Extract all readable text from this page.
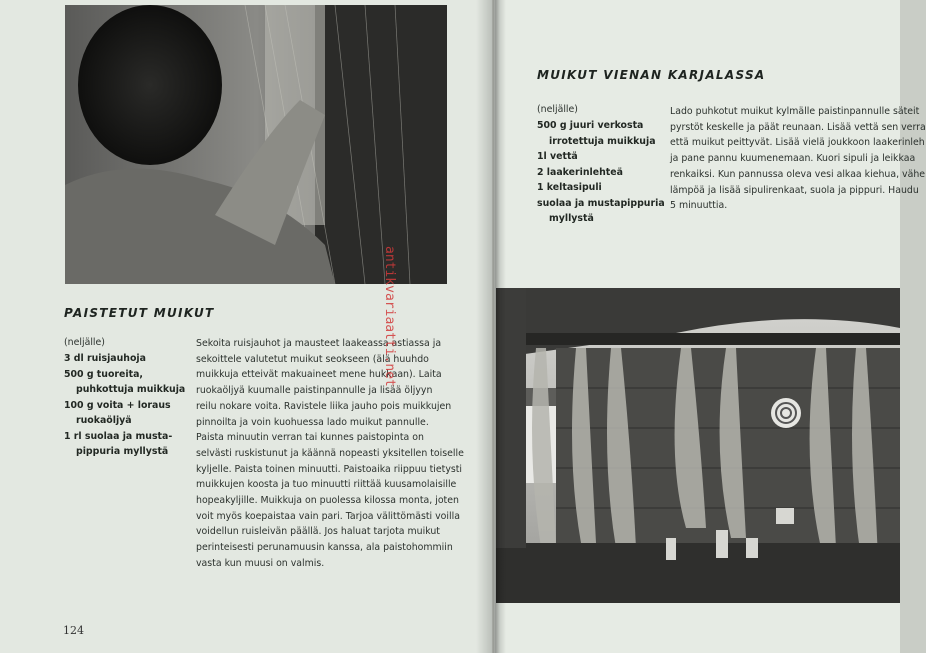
PAISTETUT MUIKUT
(neljälle)
3 dl ruisjauhoja
500 g tuoreita,
puhkottuja muikkuja
100 g voita + loraus
ruokaöljyä
1 rl suolaa ja musta-
pippuria myllystä
Sekoita ruisjauhot ja mausteet laakeassa astiassa ja
sekoittele valutetut muikut seokseen (älä huuhdo
muikkuja etteivät makuaineet mene hukkaan). Laita
ruokaöljyä kuumalle paistinpannulle ja lisää öljyyn
reilu nokare voita. Ravistele liika jauho pois muikkujen
pinnoilta ja voin kuohuessa lado muikut pannulle.
Paista minuutin verran tai kunnes paistopinta on
selvästi ruskistunut ja käännä nopeasti yksitellen toiselle
kyljelle. Paista toinen minuutti. Paistoaika riippuu tietysti
muikkujen koosta ja tuo minuutti riittää kuusamolaisille
hopeakyljille. Muikkuja on puolessa kilossa monta, joten
voit myös koepaistaa vain pari. Tarjoa välittömästi voilla
voidellun ruisleivän päällä. Jos haluat tarjota muikut
perinteisesti perunamuusin kanssa, ala paistohommiin
vasta kun muusi on valmis.
124
MUIKUT VIENAN KARJALASSA
(neljälle)
500 g juuri verkosta
irrotettuja muikkuja
1l vettä
2 laakerinlehteä
1 keltasipuli
suolaa ja mustapippuria
myllystä
Lado puhkotut muikut kylmälle paistinpannulle säteit
pyrstöt keskelle ja päät reunaan. Lisää vettä sen verra
että muikut peittyvät. Lisää vielä joukkoon laakerinleh
ja pane pannu kuumenemaan. Kuori sipuli ja leikkaa
renkaiksi. Kun pannussa oleva vesi alkaa kiehua, vähe
lämpöä ja lisää sipulirenkaat, suola ja pippuri. Haudu
5 minuuttia.
antikvariaatti.net
